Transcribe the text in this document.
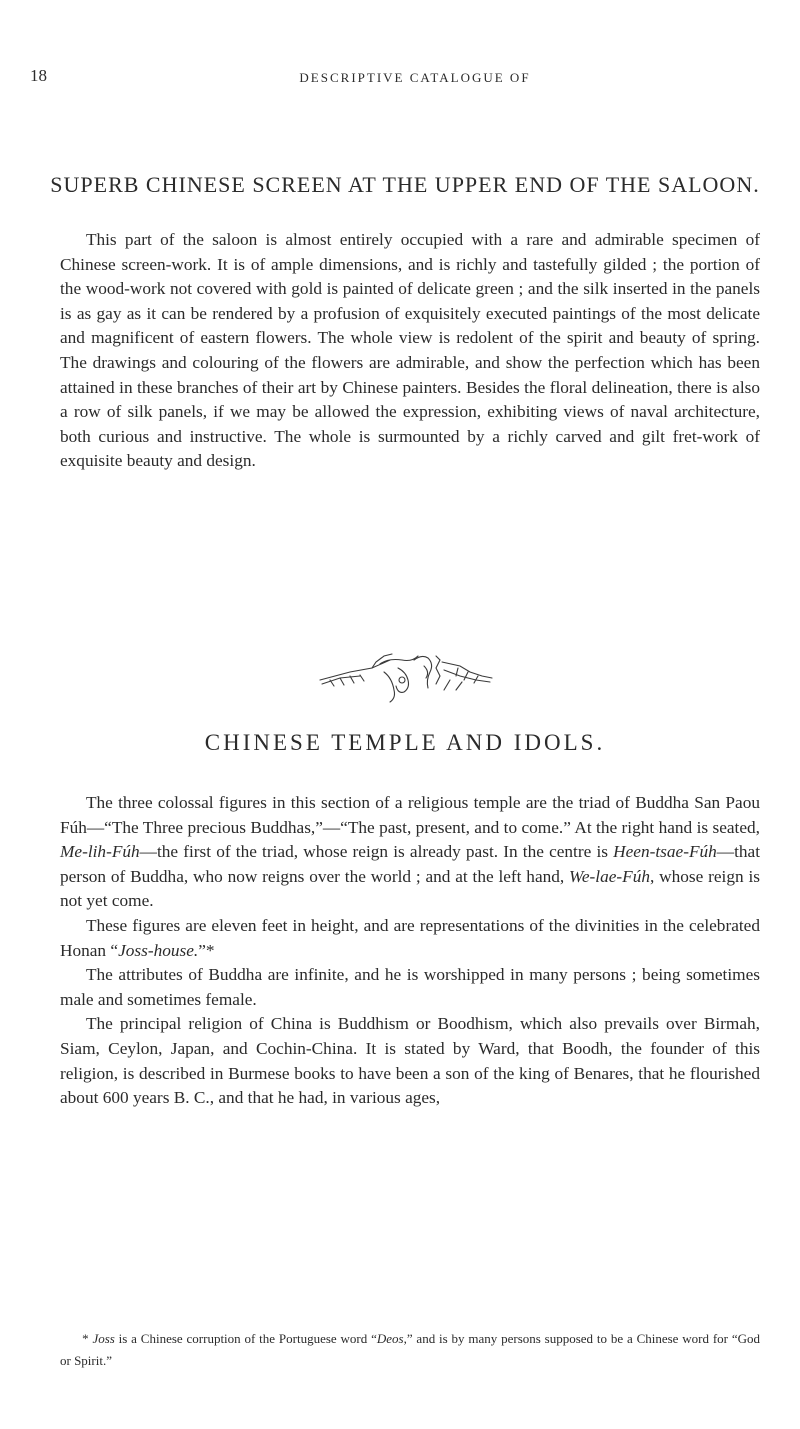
18	DESCRIPTIVE CATALOGUE OF
SUPERB CHINESE SCREEN AT THE UPPER END OF THE SALOON.

This part of the saloon is almost entirely occupied with a rare and admirable specimen of Chinese screen-work. It is of ample dimensions, and is richly and tastefully gilded ; the portion of the wood-work not covered with gold is painted of delicate green ; and the silk inserted in the panels is as gay as it can be rendered by a profusion of exquisitely executed paintings of the most delicate and magnificent of eastern flowers. The whole view is redolent of the spirit and beauty of spring. The drawings and colouring of the flowers are admirable, and show the perfection which has been attained in these branches of their art by Chinese painters. Besides the floral delineation, there is also a row of silk panels, if we may be allowed the expression, exhibiting views of naval architecture, both curious and instructive. The whole is surmounted by a richly carved and gilt fret-work of exquisite beauty and design.

CHINESE TEMPLE AND IDOLS.

The three colossal figures in this section of a religious temple are the triad of Buddha San Paou Fúh—“The Three precious Buddhas,”—“The past, present, and to come.” At the right hand is seated, Me-lih-Fúh—the first of the triad, whose reign is already past. In the centre is Heen-tsae-Fúh—that person of Buddha, who now reigns over the world ; and at the left hand, We-lae-Fúh, whose reign is not yet come.

These figures are eleven feet in height, and are representations of the divinities in the celebrated Honan “Joss-house.”*

The attributes of Buddha are infinite, and he is worshipped in many persons ; being sometimes male and sometimes female.

The principal religion of China is Buddhism or Boodhism, which also prevails over Birmah, Siam, Ceylon, Japan, and Cochin-China. It is stated by Ward, that Boodh, the founder of this religion, is described in Burmese books to have been a son of the king of Benares, that he flourished about 600 years B. C., and that he had, in various ages,

* Joss is a Chinese corruption of the Portuguese word “Deos,” and is by many persons supposed to be a Chinese word for “God or Spirit.”
